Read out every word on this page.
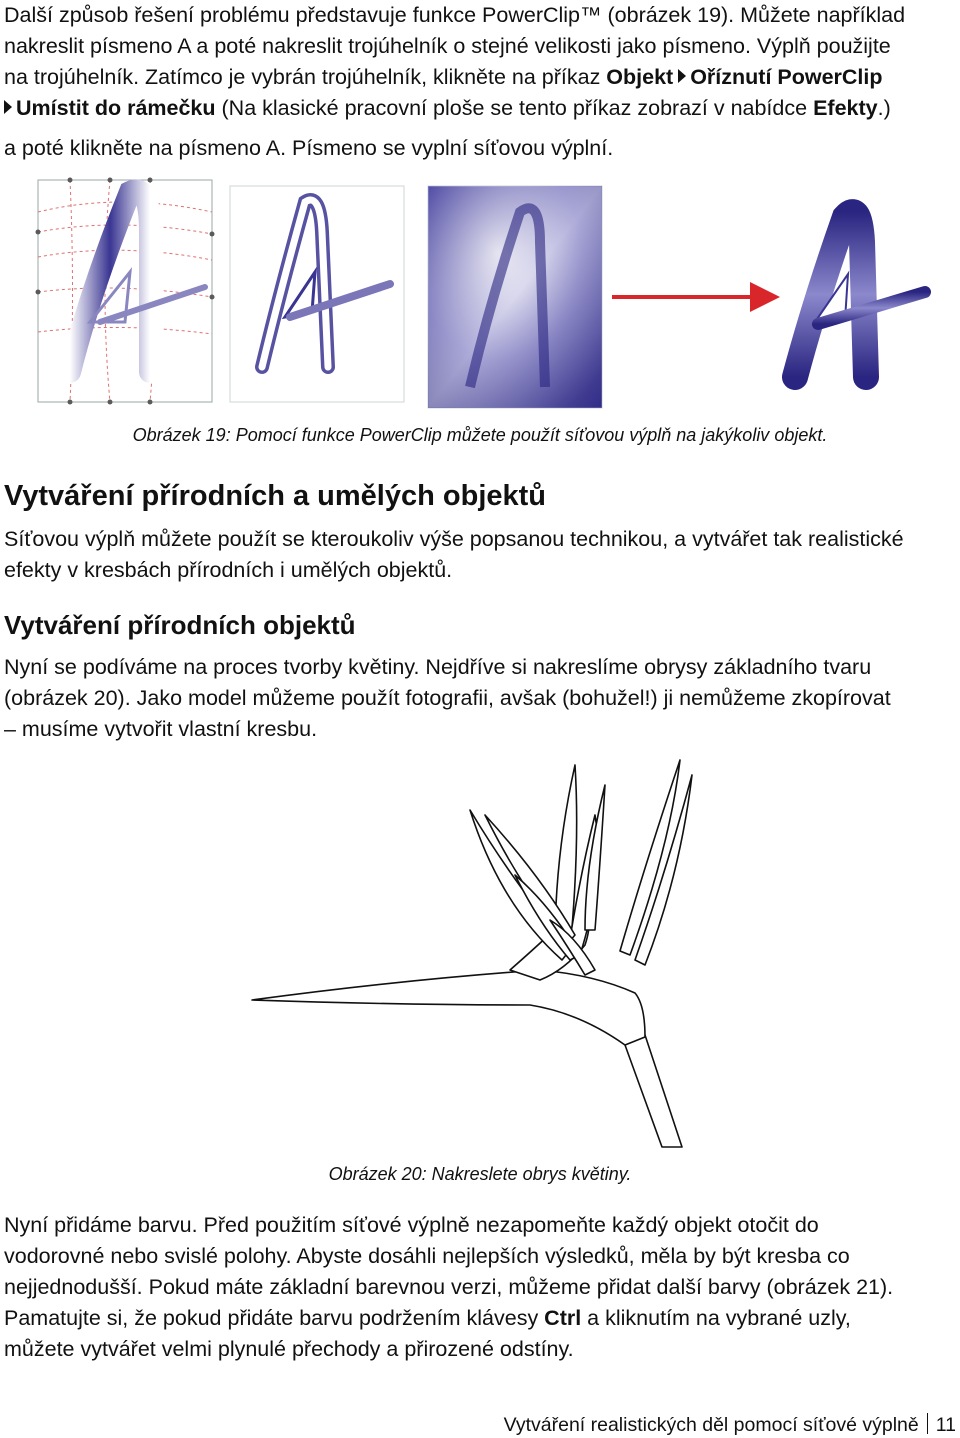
Další způsob řešení problému představuje funkce PowerClip™ (obrázek 19). Můžete například

nakreslit písmeno A a poté nakreslit trojúhelník o stejné velikosti jako písmeno. Výplň použijte

na trojúhelník. Zatímco je vybrán trojúhelník, klikněte na příkaz Objekt Oříznutí PowerClip

Umístit do rámečku (Na klasické pracovní ploše se tento příkaz zobrazí v nabídce Efekty.)

a poté klikněte na písmeno A. Písmeno se vyplní síťovou výplní.

Obrázek 19: Pomocí funkce PowerClip můžete použít síťovou výplň na jakýkoliv objekt.
Vytváření přírodních a umělých objektů

Síťovou výplň můžete použít se kteroukoliv výše popsanou technikou, a vytvářet tak realistické

efekty v kresbách přírodních i umělých objektů.

Vytváření přírodních objektů

Nyní se podíváme na proces tvorby květiny. Nejdříve si nakreslíme obrysy základního tvaru

(obrázek 20). Jako model můžeme použít fotografii, avšak (bohužel!) ji nemůžeme zkopírovat

– musíme vytvořit vlastní kresbu.

Obrázek 20: Nakreslete obrys květiny.

Nyní přidáme barvu. Před použitím síťové výplně nezapomeňte každý objekt otočit do

vodorovné nebo svislé polohy. Abyste dosáhli nejlepších výsledků, měla by být kresba co

nejjednodušší. Pokud máte základní barevnou verzi, můžeme přidat další barvy (obrázek 21).

Pamatujte si, že pokud přidáte barvu podržením klávesy Ctrl a kliknutím na vybrané uzly,

můžete vytvářet velmi plynulé přechody a přirozené odstíny.

Vytváření realistických děl pomocí síťové výplně 11
